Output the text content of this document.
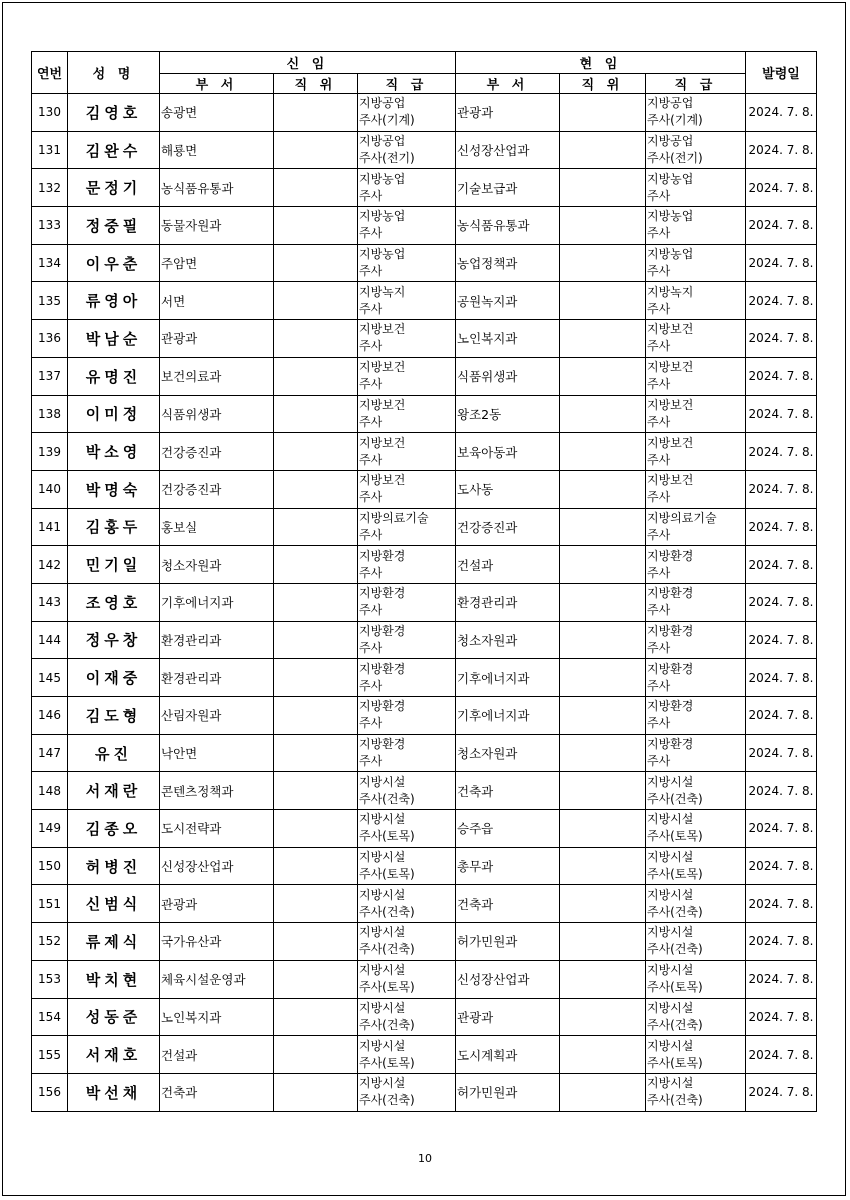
연번	성 명	신 임			현 임			발령일
		부 서	직 위	직 급	부 서	직 위	직 급	
130	김영호	송광면		지방공업
주사(기계)	관광과		지방공업
주사(기계)	2024. 7. 8.
131	김완수	해룡면		지방공업
주사(전기)	신성장산업과		지방공업
주사(전기)	2024. 7. 8.
132	문정기	농식품유통과		지방농업
주사	기술보급과		지방농업
주사	2024. 7. 8.
133	정중필	동물자원과		지방농업
주사	농식품유통과		지방농업
주사	2024. 7. 8.
134	이우춘	주암면		지방농업
주사	농업정책과		지방농업
주사	2024. 7. 8.
135	류영아	서면		지방녹지
주사	공원녹지과		지방녹지
주사	2024. 7. 8.
136	박남순	관광과		지방보건
주사	노인복지과		지방보건
주사	2024. 7. 8.
137	유명진	보건의료과		지방보건
주사	식품위생과		지방보건
주사	2024. 7. 8.
138	이미정	식품위생과		지방보건
주사	왕조2동		지방보건
주사	2024. 7. 8.
139	박소영	건강증진과		지방보건
주사	보육아동과		지방보건
주사	2024. 7. 8.
140	박명숙	건강증진과		지방보건
주사	도사동		지방보건
주사	2024. 7. 8.
141	김홍두	홍보실		지방의료기술
주사	건강증진과		지방의료기술
주사	2024. 7. 8.
142	민기일	청소자원과		지방환경
주사	건설과		지방환경
주사	2024. 7. 8.
143	조영호	기후에너지과		지방환경
주사	환경관리과		지방환경
주사	2024. 7. 8.
144	정우창	환경관리과		지방환경
주사	청소자원과		지방환경
주사	2024. 7. 8.
145	이재중	환경관리과		지방환경
주사	기후에너지과		지방환경
주사	2024. 7. 8.
146	김도형	산림자원과		지방환경
주사	기후에너지과		지방환경
주사	2024. 7. 8.
147	유진	낙안면		지방환경
주사	청소자원과		지방환경
주사	2024. 7. 8.
148	서재란	콘텐츠정책과		지방시설
주사(건축)	건축과		지방시설
주사(건축)	2024. 7. 8.
149	김종오	도시전략과		지방시설
주사(토목)	승주읍		지방시설
주사(토목)	2024. 7. 8.
150	허병진	신성장산업과		지방시설
주사(토목)	총무과		지방시설
주사(토목)	2024. 7. 8.
151	신범식	관광과		지방시설
주사(건축)	건축과		지방시설
주사(건축)	2024. 7. 8.
152	류제식	국가유산과		지방시설
주사(건축)	허가민원과		지방시설
주사(건축)	2024. 7. 8.
153	박치현	체육시설운영과		지방시설
주사(토목)	신성장산업과		지방시설
주사(토목)	2024. 7. 8.
154	성동준	노인복지과		지방시설
주사(건축)	관광과		지방시설
주사(건축)	2024. 7. 8.
155	서재호	건설과		지방시설
주사(토목)	도시계획과		지방시설
주사(토목)	2024. 7. 8.
156	박선채	건축과		지방시설
주사(건축)	허가민원과		지방시설
주사(건축)	2024. 7. 8.
10
